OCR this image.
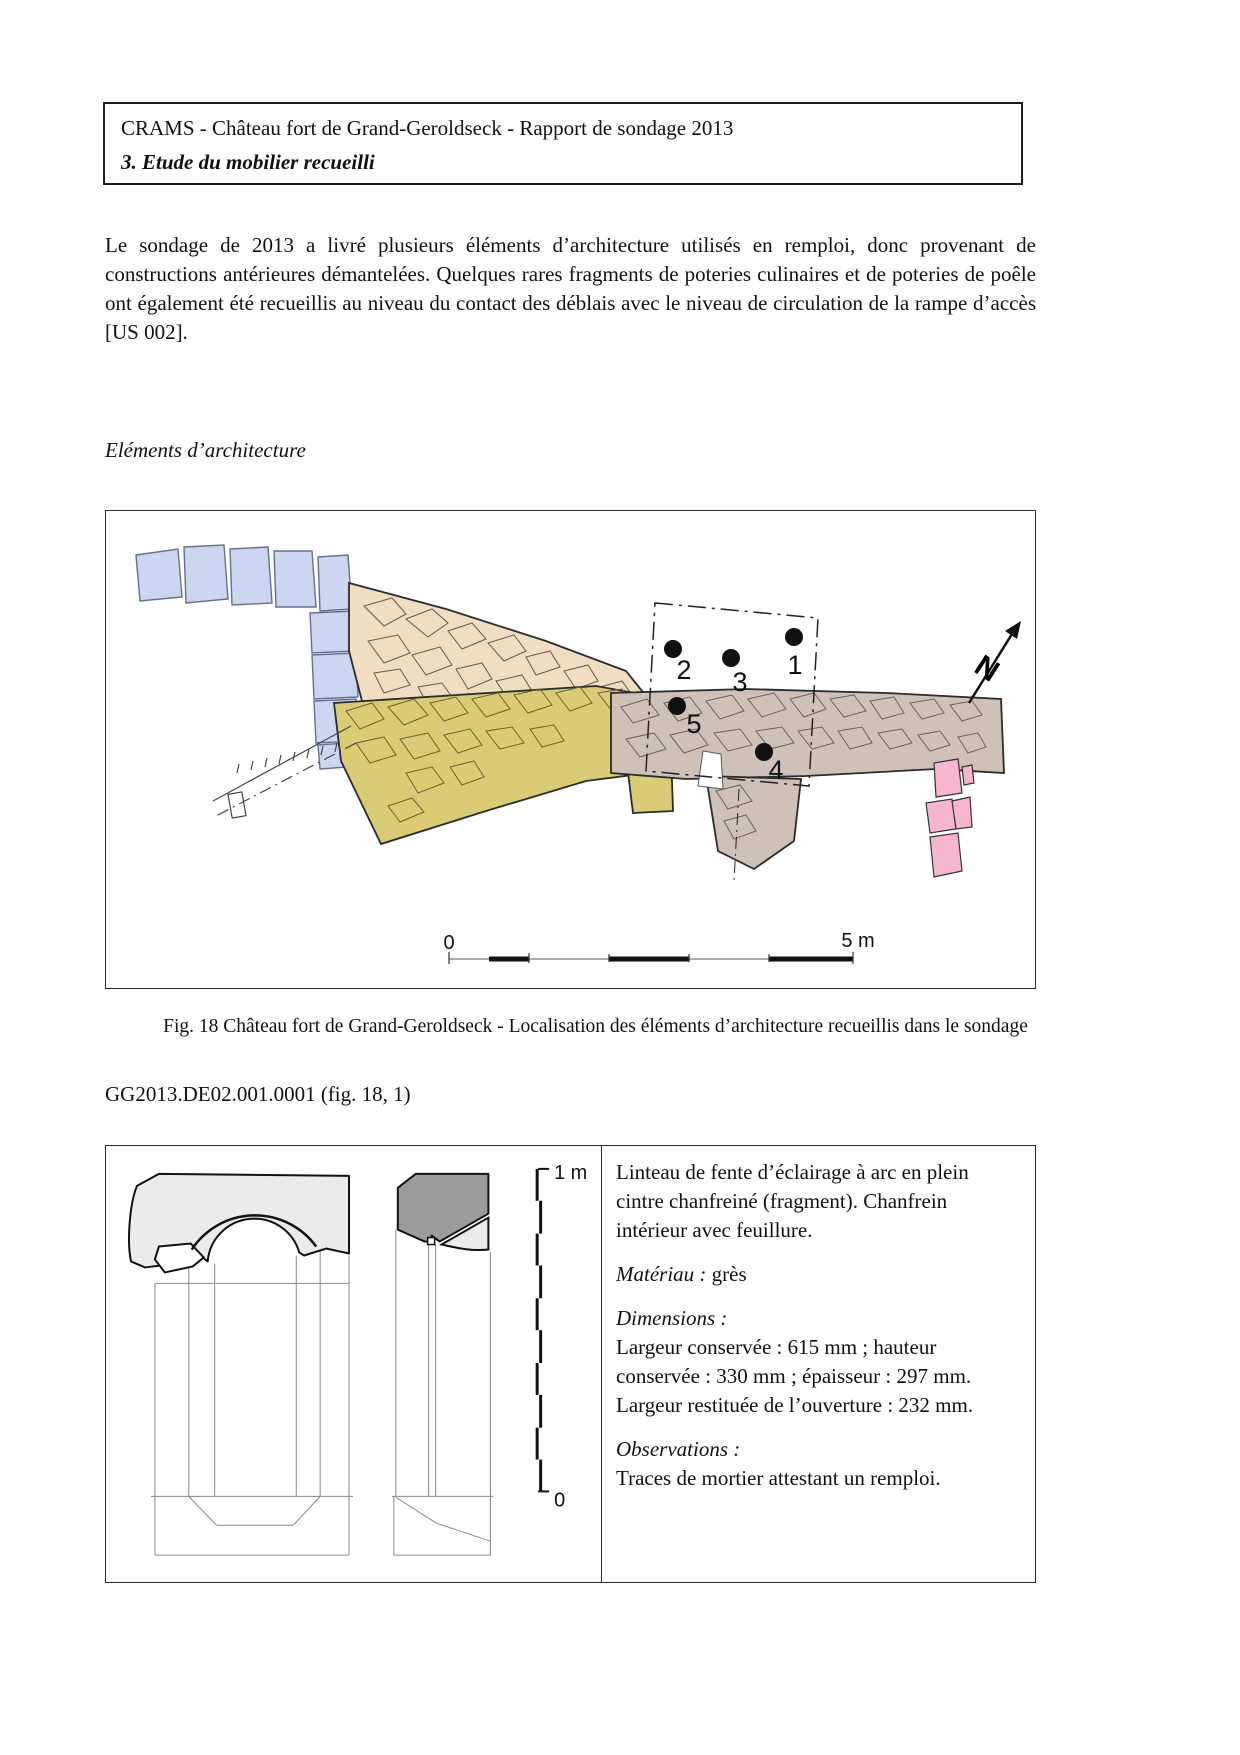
CRAMS - Château fort de Grand-Geroldseck - Rapport de sondage 2013
3. Etude du mobilier recueilli
Le sondage de 2013 a livré plusieurs éléments d’architecture utilisés en remploi, donc provenant de constructions antérieures démantelées. Quelques rares fragments de poteries culinaires et de poteries de poêle ont également été recueillis au niveau du contact des déblais avec le niveau de circulation de la rampe d’accès [US 002].
Eléments d’architecture
1
2 3
5
4
N
0	5 m
Fig. 18 Château fort de Grand-Geroldseck - Localisation des éléments d’architecture recueillis dans le sondage
GG2013.DE02.001.0001 (fig. 18, 1)
1 m
0

Linteau de fente d’éclairage à arc en plein cintre chanfreiné (fragment). Chanfrein intérieur avec feuillure.

Matériau : grès

Dimensions :
Largeur conservée : 615 mm ; hauteur conservée : 330 mm ; épaisseur : 297 mm.
Largeur restituée de l’ouverture : 232 mm.

Observations :
Traces de mortier attestant un remploi.
